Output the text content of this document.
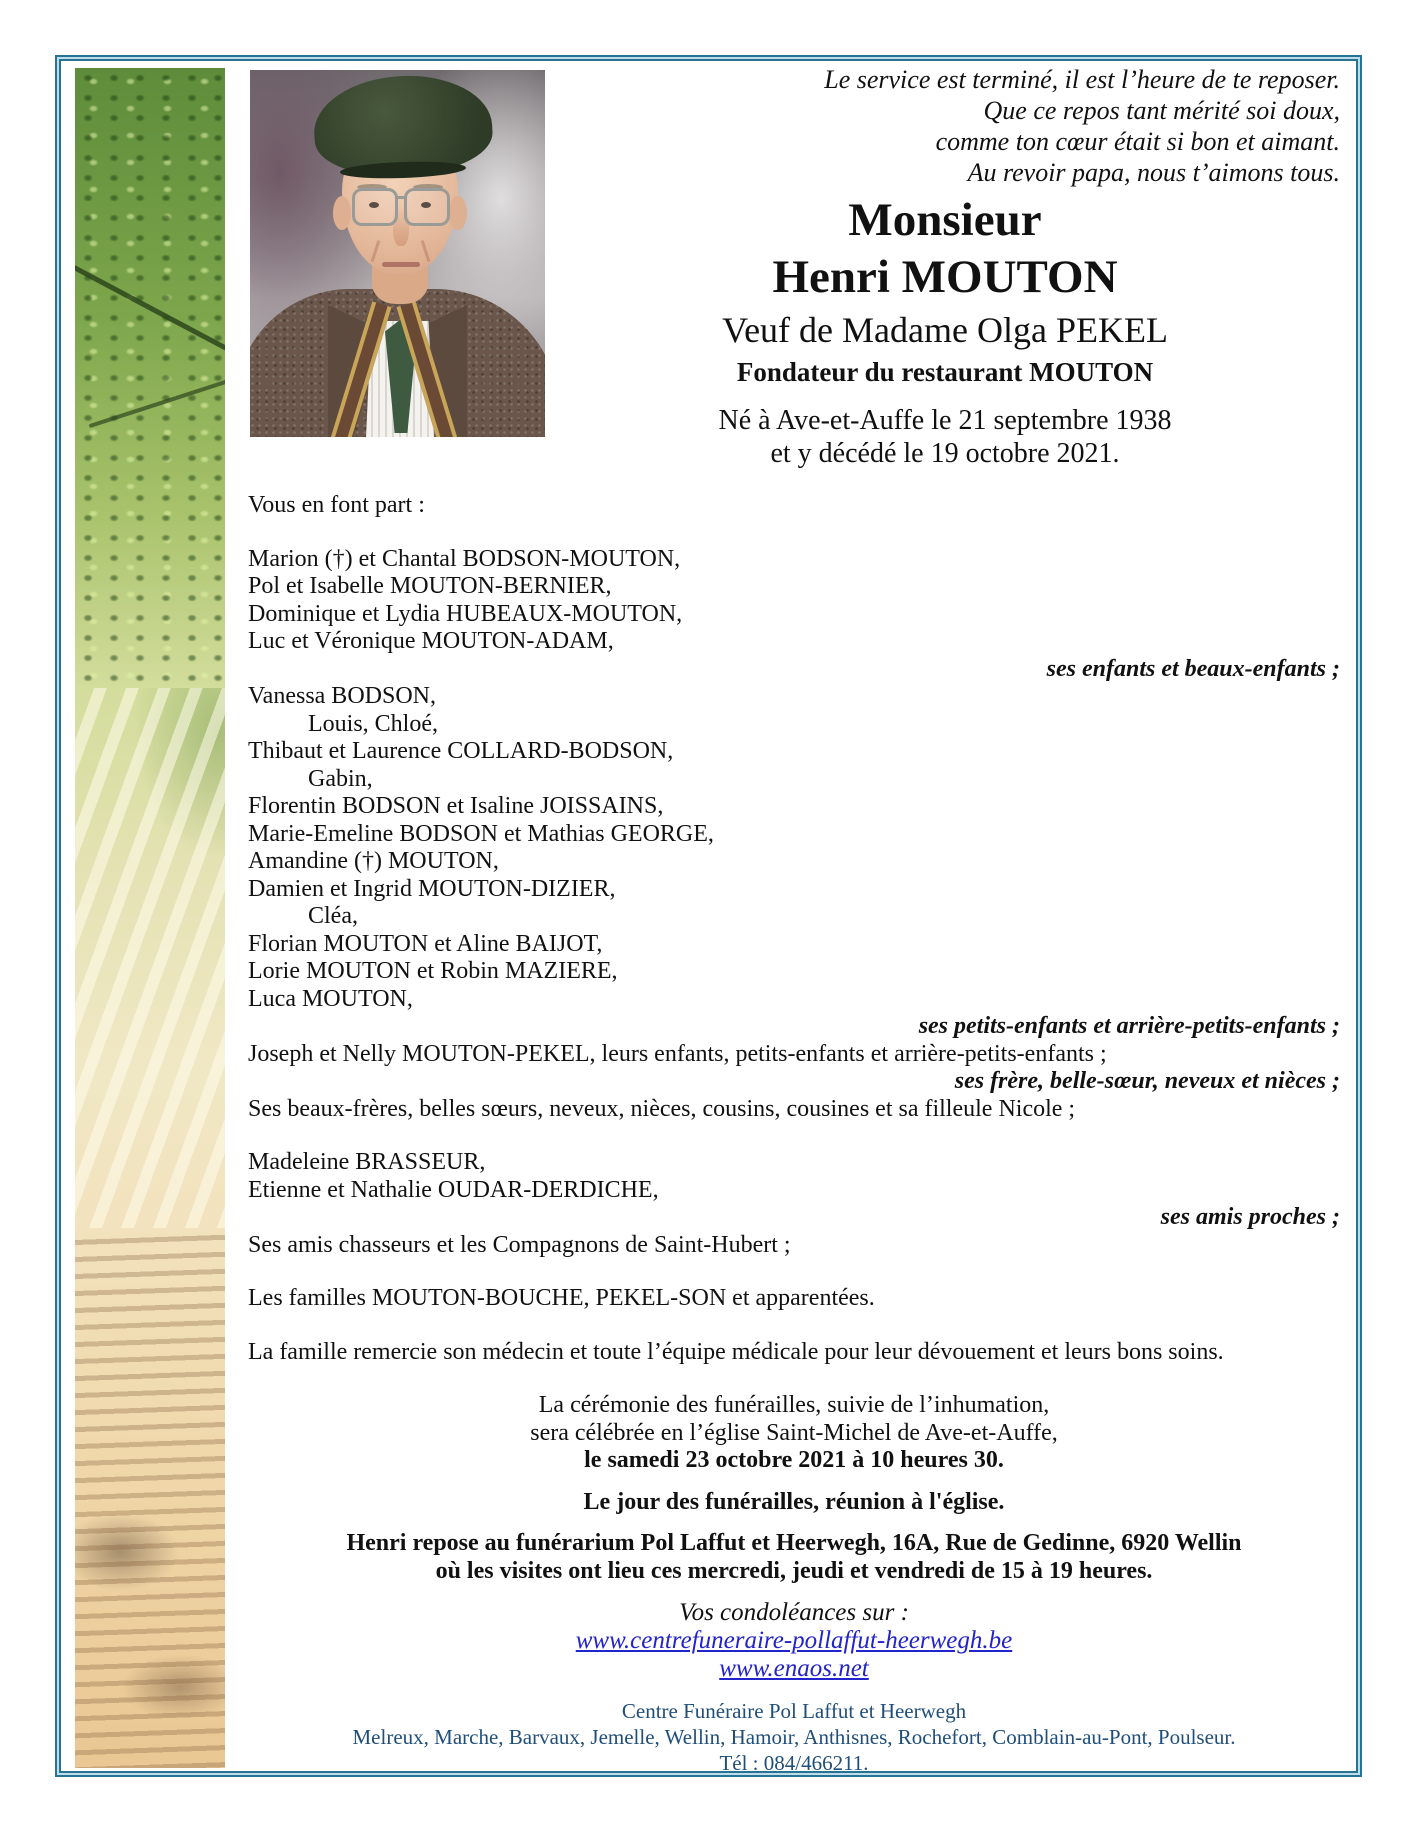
Le service est terminé, il est l’heure de te reposer.
Que ce repos tant mérité soi doux,
comme ton cœur était si bon et aimant.
Au revoir papa, nous t’aimons tous.
Monsieur
Henri MOUTON
Veuf de Madame Olga PEKEL
Fondateur du restaurant MOUTON
Né à Ave-et-Auffe le 21 septembre 1938
et y décédé le 19 octobre 2021.
Vous en font part :
Marion (†) et Chantal BODSON-MOUTON,
Pol et Isabelle MOUTON-BERNIER,
Dominique et Lydia HUBEAUX-MOUTON,
Luc et Véronique MOUTON-ADAM,
ses enfants et beaux-enfants ;
Vanessa BODSON,
Louis, Chloé,
Thibaut et Laurence COLLARD-BODSON,
Gabin,
Florentin BODSON et Isaline JOISSAINS,
Marie-Emeline BODSON et Mathias GEORGE,
Amandine (†) MOUTON,
Damien et Ingrid MOUTON-DIZIER,
Cléa,
Florian MOUTON et Aline BAIJOT,
Lorie MOUTON et Robin MAZIERE,
Luca MOUTON,
ses petits-enfants et arrière-petits-enfants ;
Joseph et Nelly MOUTON-PEKEL, leurs enfants, petits-enfants et arrière-petits-enfants ;
ses frère, belle-sœur, neveux et nièces ;
Ses beaux-frères, belles sœurs, neveux, nièces, cousins, cousines et sa filleule Nicole ;
Madeleine BRASSEUR,
Etienne et Nathalie OUDAR-DERDICHE,
ses amis proches ;
Ses amis chasseurs et les Compagnons de Saint-Hubert ;
Les familles MOUTON-BOUCHE, PEKEL-SON et apparentées.
La famille remercie son médecin et toute l’équipe médicale pour leur dévouement et leurs bons soins.
La cérémonie des funérailles, suivie de l’inhumation,
sera célébrée en l’église Saint-Michel de Ave-et-Auffe,
le samedi 23 octobre 2021 à 10 heures 30.
Le jour des funérailles, réunion à l'église.
Henri repose au funérarium Pol Laffut et Heerwegh, 16A, Rue de Gedinne, 6920 Wellin
où les visites ont lieu ces mercredi, jeudi et vendredi de 15 à 19 heures.
Vos condoléances sur :
www.centrefuneraire-pollaffut-heerwegh.be
www.enaos.net
Centre Funéraire Pol Laffut et Heerwegh
Melreux, Marche, Barvaux, Jemelle, Wellin, Hamoir, Anthisnes, Rochefort, Comblain-au-Pont, Poulseur.
Tél : 084/466211.
